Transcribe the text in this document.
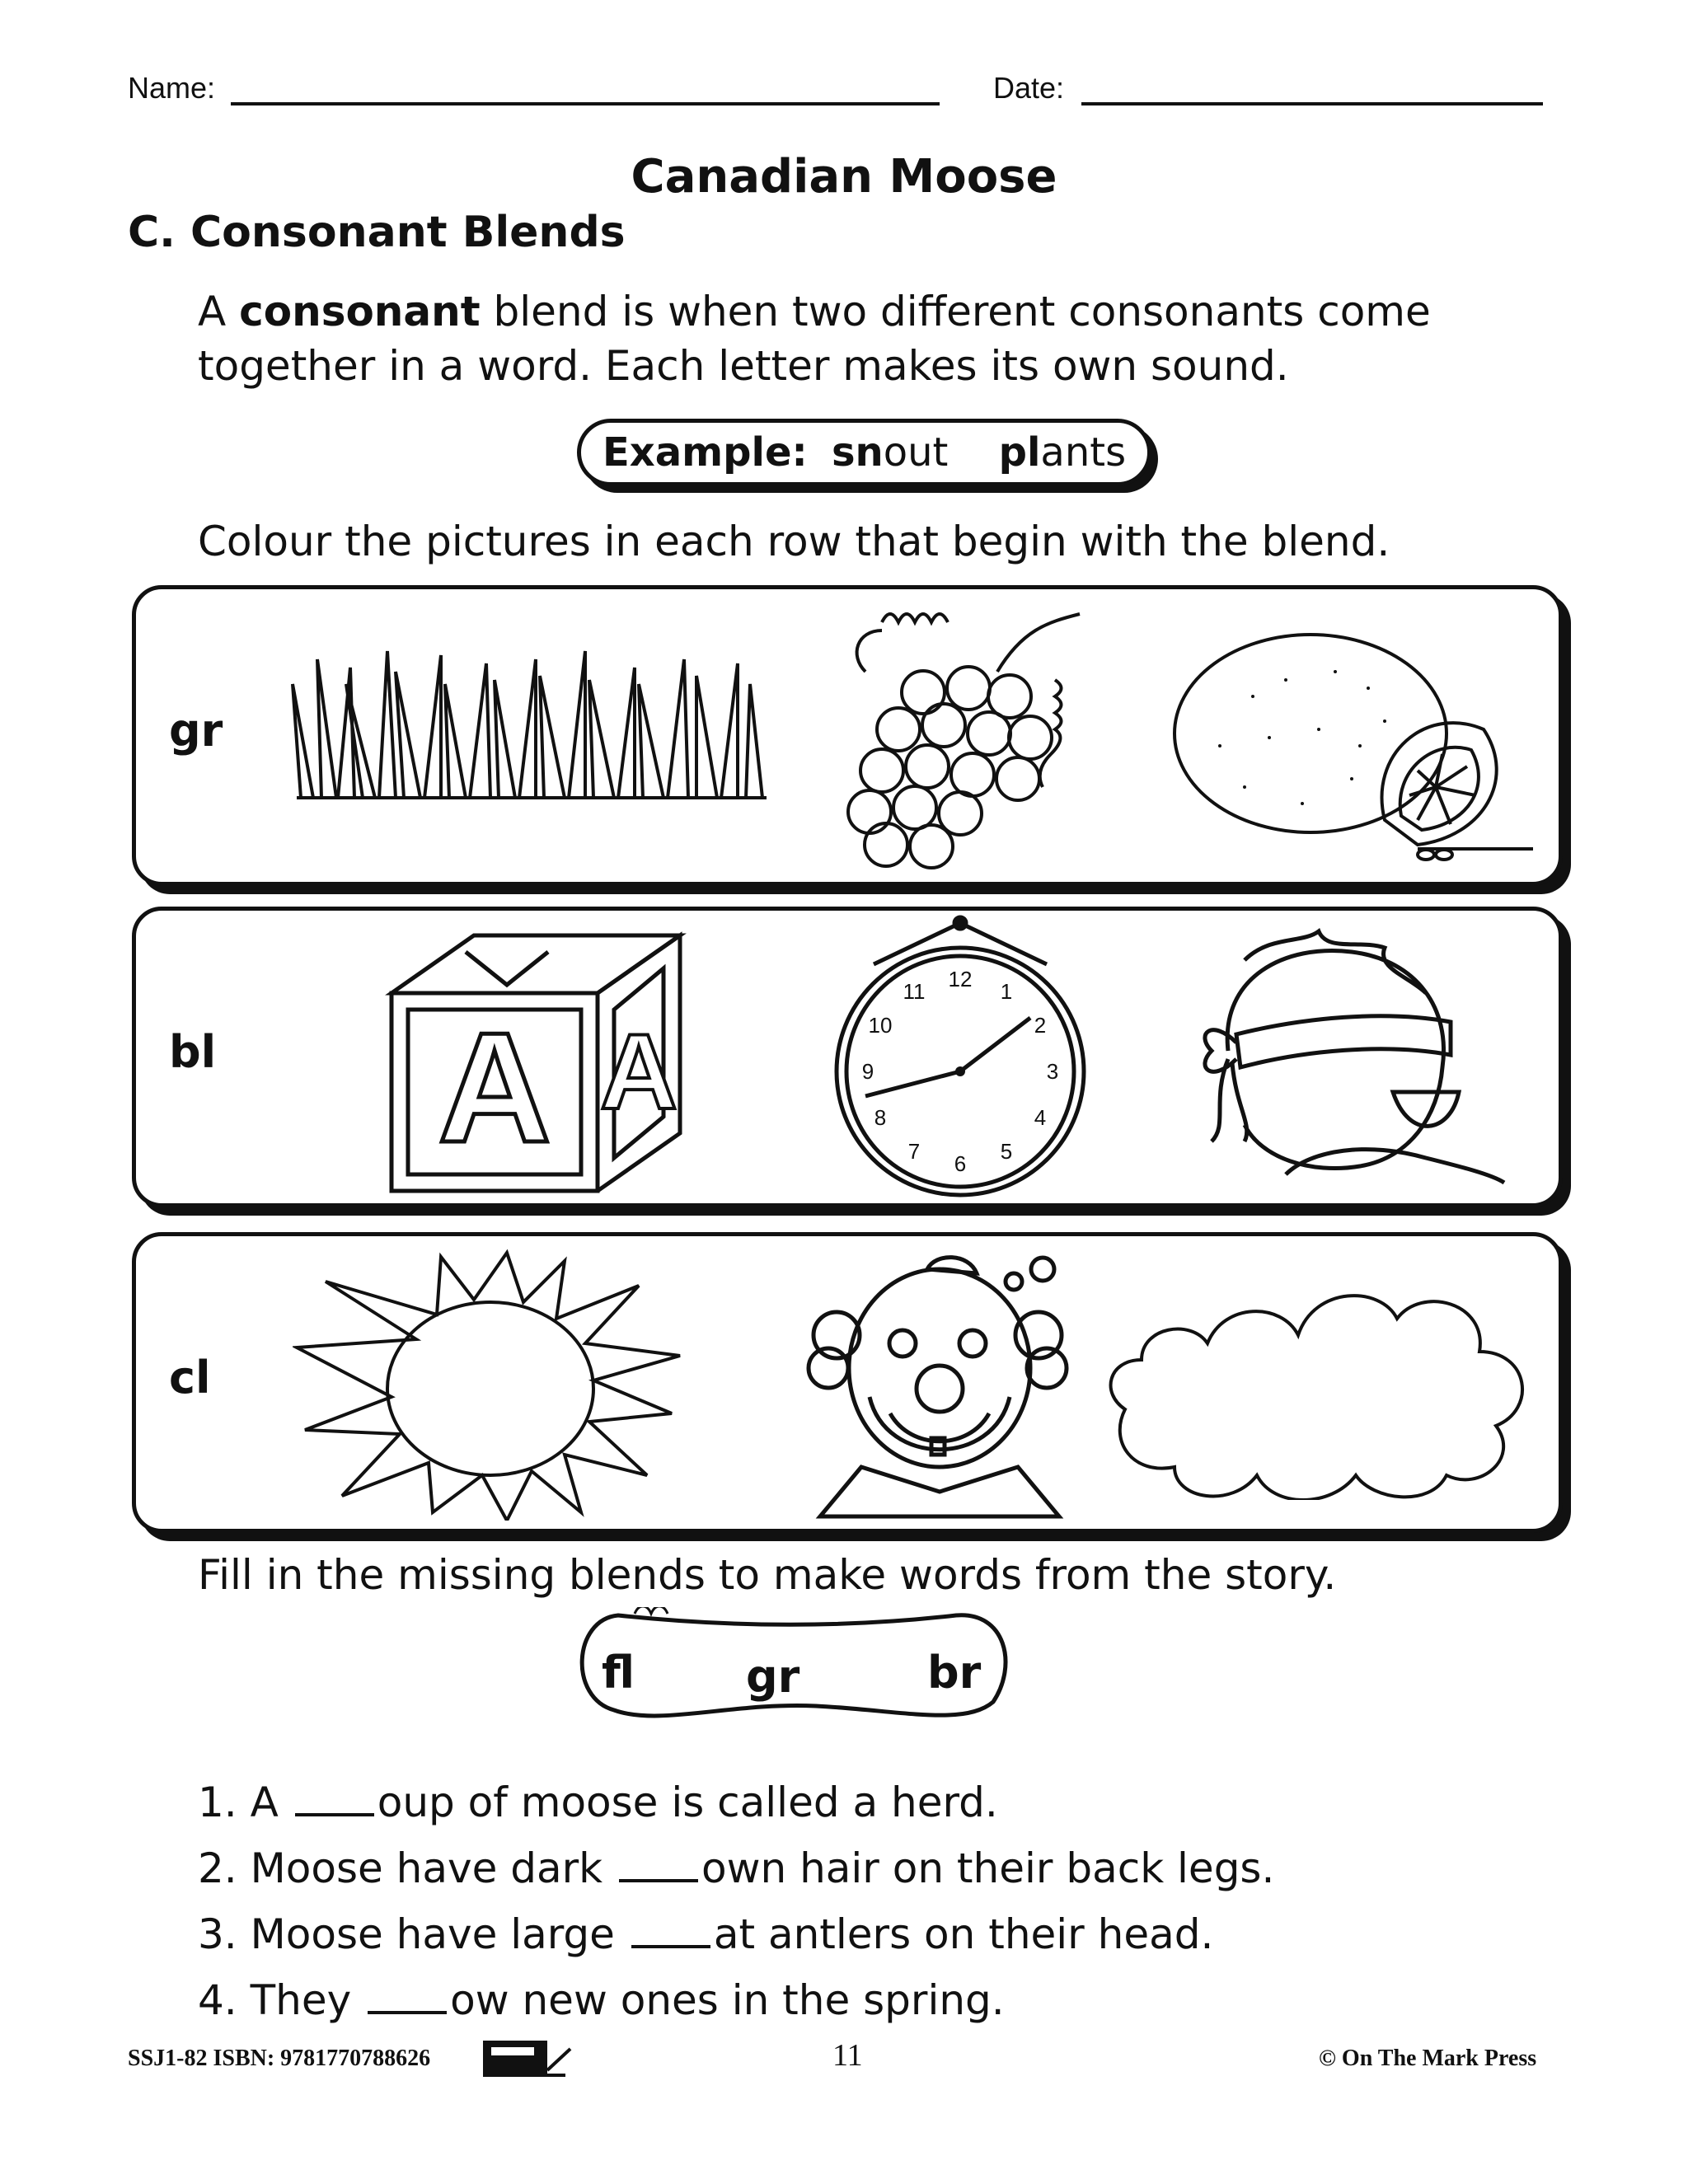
Name:	Date:
Canadian Moose
C. Consonant Blends
A consonant blend is when two different consonants come
together in a word. Each letter makes its own sound.
Example: snout plants
Colour the pictures in each row that begin with the blend.
gr
bl A A
12
1
2
3
4
5
6
7
8
9
10
11
cl
Fill in the missing blends to make words from the story.
fl gr	br
1. A oup of moose is called a herd.
2. Moose have dark own hair on their back legs.
3. Moose have large at antlers on their head.
4. They ow new ones in the spring.
SSJ1-82 ISBN: 9781770788626	11	© On The Mark Press
